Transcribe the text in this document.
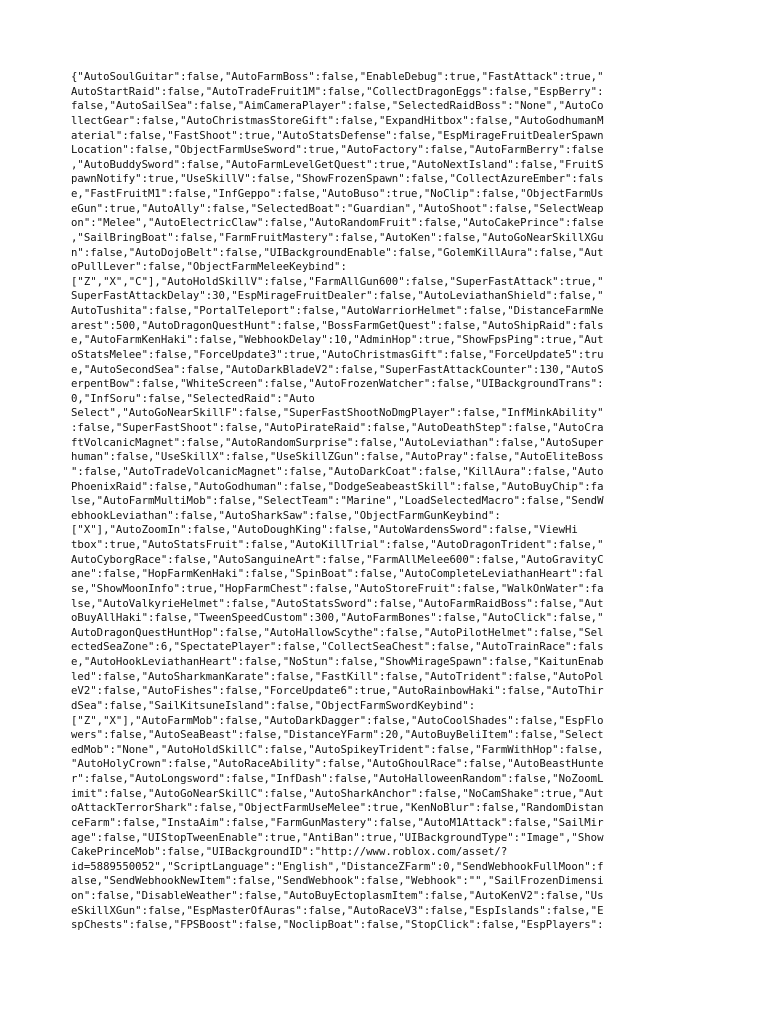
{"AutoSoulGuitar":false,"AutoFarmBoss":false,"EnableDebug":true,"FastAttack":true,"
AutoStartRaid":false,"AutoTradeFruit1M":false,"CollectDragonEggs":false,"EspBerry":
false,"AutoSailSea":false,"AimCameraPlayer":false,"SelectedRaidBoss":"None","AutoCo
llectGear":false,"AutoChristmasStoreGift":false,"ExpandHitbox":false,"AutoGodhumanM
aterial":false,"FastShoot":true,"AutoStatsDefense":false,"EspMirageFruitDealerSpawn
Location":false,"ObjectFarmUseSword":true,"AutoFactory":false,"AutoFarmBerry":false
,"AutoBuddySword":false,"AutoFarmLevelGetQuest":true,"AutoNextIsland":false,"FruitS
pawnNotify":true,"UseSkillV":false,"ShowFrozenSpawn":false,"CollectAzureEmber":fals
e,"FastFruitM1":false,"InfGeppo":false,"AutoBuso":true,"NoClip":false,"ObjectFarmUs
eGun":true,"AutoAlly":false,"SelectedBoat":"Guardian","AutoShoot":false,"SelectWeap
on":"Melee","AutoElectricClaw":false,"AutoRandomFruit":false,"AutoCakePrince":false
,"SailBringBoat":false,"FarmFruitMastery":false,"AutoKen":false,"AutoGoNearSkillXGu
n":false,"AutoDojoBelt":false,"UIBackgroundEnable":false,"GolemKillAura":false,"Aut
oPullLever":false,"ObjectFarmMeleeKeybind":
["Z","X","C"],"AutoHoldSkillV":false,"FarmAllGun600":false,"SuperFastAttack":true,"
SuperFastAttackDelay":30,"EspMirageFruitDealer":false,"AutoLeviathanShield":false,"
AutoTushita":false,"PortalTeleport":false,"AutoWarriorHelmet":false,"DistanceFarmNe
arest":500,"AutoDragonQuestHunt":false,"BossFarmGetQuest":false,"AutoShipRaid":fals
e,"AutoFarmKenHaki":false,"WebhookDelay":10,"AdminHop":true,"ShowFpsPing":true,"Aut
oStatsMelee":false,"ForceUpdate3":true,"AutoChristmasGift":false,"ForceUpdate5":tru
e,"AutoSecondSea":false,"AutoDarkBladeV2":false,"SuperFastAttackCounter":130,"AutoS
erpentBow":false,"WhiteScreen":false,"AutoFrozenWatcher":false,"UIBackgroundTrans":
0,"InfSoru":false,"SelectedRaid":"Auto
Select","AutoGoNearSkillF":false,"SuperFastShootNoDmgPlayer":false,"InfMinkAbility"
:false,"SuperFastShoot":false,"AutoPirateRaid":false,"AutoDeathStep":false,"AutoCra
ftVolcanicMagnet":false,"AutoRandomSurprise":false,"AutoLeviathan":false,"AutoSuper
human":false,"UseSkillX":false,"UseSkillZGun":false,"AutoPray":false,"AutoEliteBoss
":false,"AutoTradeVolcanicMagnet":false,"AutoDarkCoat":false,"KillAura":false,"Auto
PhoenixRaid":false,"AutoGodhuman":false,"DodgeSeabeastSkill":false,"AutoBuyChip":fa
lse,"AutoFarmMultiMob":false,"SelectTeam":"Marine","LoadSelectedMacro":false,"SendW
ebhookLeviathan":false,"AutoSharkSaw":false,"ObjectFarmGunKeybind":
["X"],"AutoZoomIn":false,"AutoDoughKing":false,"AutoWardensSword":false,"ViewHi
tbox":true,"AutoStatsFruit":false,"AutoKillTrial":false,"AutoDragonTrident":false,"
AutoCyborgRace":false,"AutoSanguineArt":false,"FarmAllMelee600":false,"AutoGravityC
ane":false,"HopFarmKenHaki":false,"SpinBoat":false,"AutoCompleteLeviathanHeart":fal
se,"ShowMoonInfo":true,"HopFarmChest":false,"AutoStoreFruit":false,"WalkOnWater":fa
lse,"AutoValkyrieHelmet":false,"AutoStatsSword":false,"AutoFarmRaidBoss":false,"Aut
oBuyAllHaki":false,"TweenSpeedCustom":300,"AutoFarmBones":false,"AutoClick":false,"
AutoDragonQuestHuntHop":false,"AutoHallowScythe":false,"AutoPilotHelmet":false,"Sel
ectedSeaZone":6,"SpectatePlayer":false,"CollectSeaChest":false,"AutoTrainRace":fals
e,"AutoHookLeviathanHeart":false,"NoStun":false,"ShowMirageSpawn":false,"KaitunEnab
led":false,"AutoSharkmanKarate":false,"FastKill":false,"AutoTrident":false,"AutoPol
eV2":false,"AutoFishes":false,"ForceUpdate6":true,"AutoRainbowHaki":false,"AutoThir
dSea":false,"SailKitsuneIsland":false,"ObjectFarmSwordKeybind":
["Z","X"],"AutoFarmMob":false,"AutoDarkDagger":false,"AutoCoolShades":false,"EspFlo
wers":false,"AutoSeaBeast":false,"DistanceYFarm":20,"AutoBuyBeliItem":false,"Select
edMob":"None","AutoHoldSkillC":false,"AutoSpikeyTrident":false,"FarmWithHop":false,
"AutoHolyCrown":false,"AutoRaceAbility":false,"AutoGhoulRace":false,"AutoBeastHunte
r":false,"AutoLongsword":false,"InfDash":false,"AutoHalloweenRandom":false,"NoZoomL
imit":false,"AutoGoNearSkillC":false,"AutoSharkAnchor":false,"NoCamShake":true,"Aut
oAttackTerrorShark":false,"ObjectFarmUseMelee":true,"KenNoBlur":false,"RandomDistan
ceFarm":false,"InstaAim":false,"FarmGunMastery":false,"AutoM1Attack":false,"SailMir
age":false,"UIStopTweenEnable":true,"AntiBan":true,"UIBackgroundType":"Image","Show
CakePrinceMob":false,"UIBackgroundID":"http://www.roblox.com/asset/?
id=5889550052","ScriptLanguage":"English","DistanceZFarm":0,"SendWebhookFullMoon":f
alse,"SendWebhookNewItem":false,"SendWebhook":false,"Webhook":"","SailFrozenDimensi
on":false,"DisableWeather":false,"AutoBuyEctoplasmItem":false,"AutoKenV2":false,"Us
eSkillXGun":false,"EspMasterOfAuras":false,"AutoRaceV3":false,"EspIslands":false,"E
spChests":false,"FPSBoost":false,"NoclipBoat":false,"StopClick":false,"EspPlayers":
